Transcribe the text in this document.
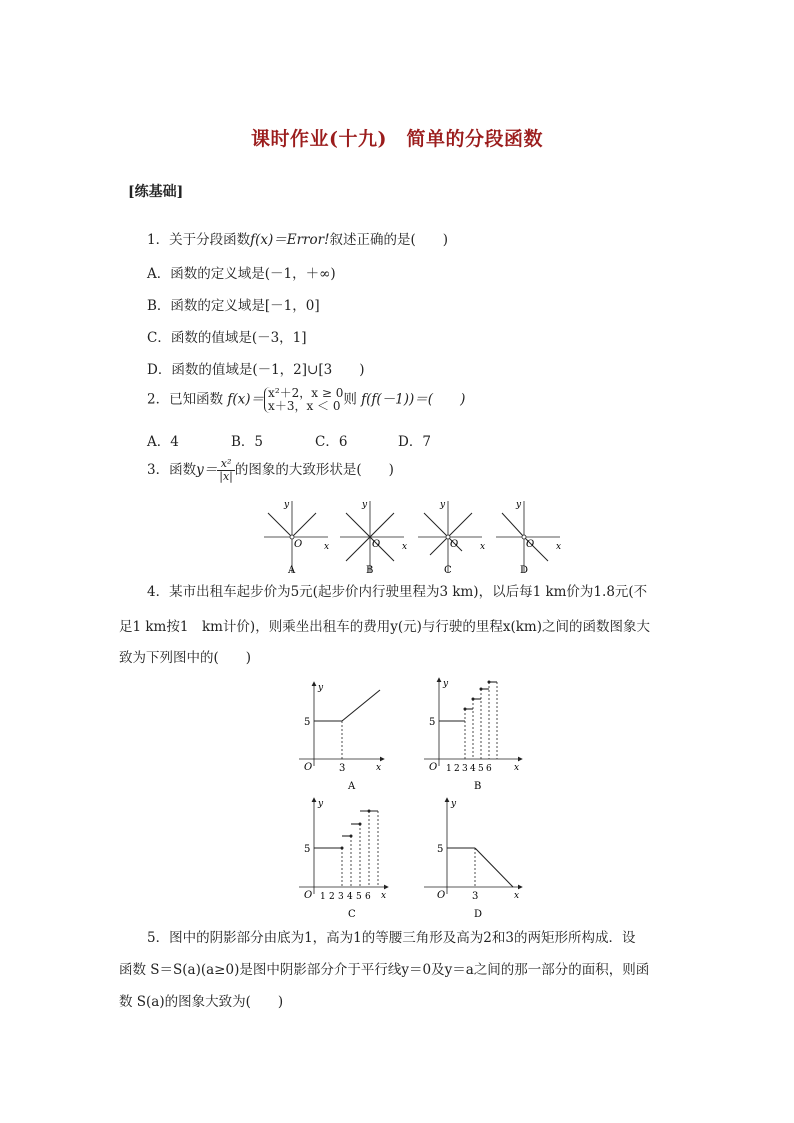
课时作业(十九)　简单的分段函数
[练基础]
1．关于分段函数f(x)＝Error!叙述正确的是(　　)
A．函数的定义域是(－1，＋∞)
B．函数的定义域是[－1，0]
C．函数的值域是(－3，1]
D．函数的值域是(－1，2]∪[3　　)
2．已知函数 f(x)＝ x²＋2，x ≥ 0
x＋3，x ＜ 0 则 f(f(－1))＝(　　)
A．4	B．5	C．6	D．7
3．函数$y= \frac{\text{x²}}{|x|}$ 的图象的大致形状是(　　)
O x
y
A
O x
y
B
O x
y
C
O x
y
D
4．某市出租车起步价为5元(起步价内行驶里程为3 km)，以后每1 km价为1.8元(不
足1 km按1　km计价)，则乘坐出租车的费用y(元)与行驶的里程x(km)之间的函数图象大
致为下列图中的(　　)
5
3
O	x
y
A
5
O 1 2 3 4 5 6 x
y
B
5
O 1 2 3 4 5 6 x
y
C
5
3
O	x
y
D
5．图中的阴影部分由底为1，高为1的等腰三角形及高为2和3的两矩形所构成．设
函数 S＝S(a)(a≥0)是图中阴影部分介于平行线y＝0及y＝a之间的那一部分的面积，则函
数 S(a)的图象大致为(　　)
